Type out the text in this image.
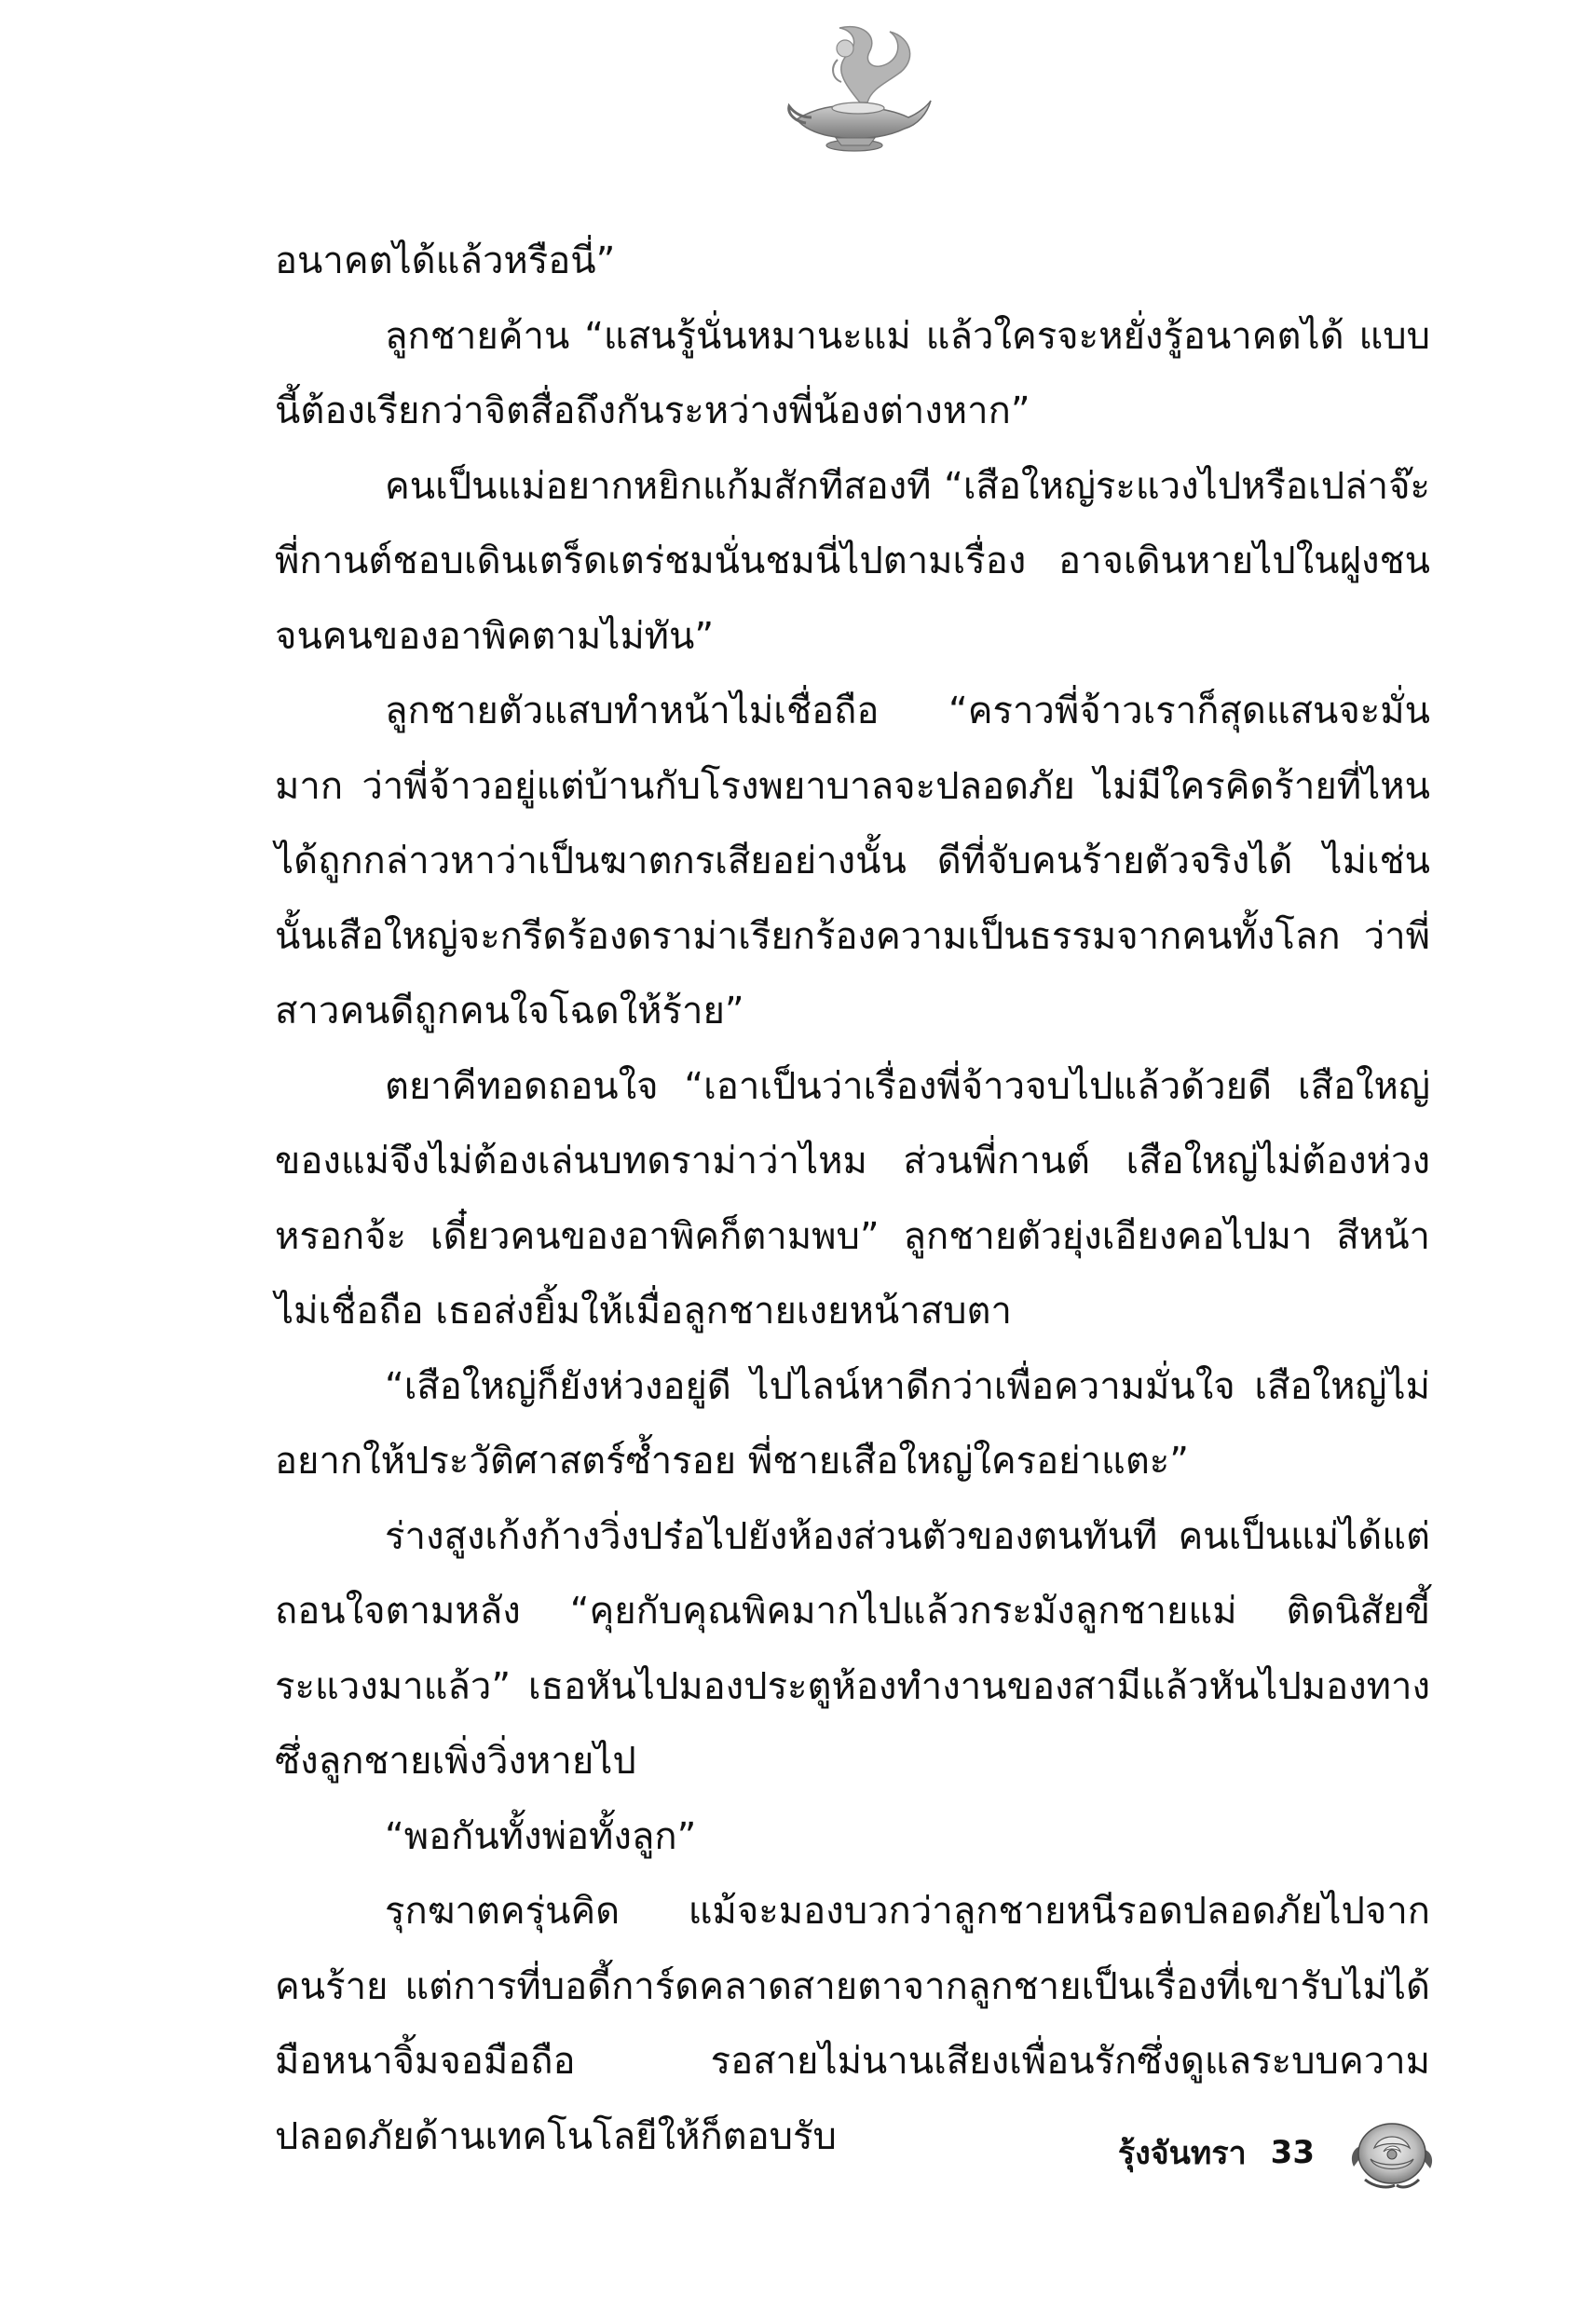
อนาคตได้แล้วหรือนี่”

ลูกชายค้าน “แสนรู้นั่นหมานะแม่ แล้วใครจะหยั่งรู้อนาคตได้ แบบนี้ต้องเรียกว่าจิตสื่อถึงกันระหว่างพี่น้องต่างหาก”

คนเป็นแม่อยากหยิกแก้มสักทีสองที “เสือใหญ่ระแวงไปหรือเปล่าจ๊ะ พี่กานต์ชอบเดินเตร็ดเตร่ชมนั่นชมนี่ไปตามเรื่อง อาจเดินหายไปในฝูงชนจนคนของอาพิคตามไม่ทัน”

ลูกชายตัวแสบทำหน้าไม่เชื่อถือ “คราวพี่จ้าวเราก็สุดแสนจะมั่นมาก ว่าพี่จ้าวอยู่แต่บ้านกับโรงพยาบาลจะปลอดภัย ไม่มีใครคิดร้ายที่ไหนได้ถูกกล่าวหาว่าเป็นฆาตกรเสียอย่างนั้น ดีที่จับคนร้ายตัวจริงได้ ไม่เช่นนั้นเสือใหญ่จะกรีดร้องดราม่าเรียกร้องความเป็นธรรมจากคนทั้งโลก ว่าพี่สาวคนดีถูกคนใจโฉดให้ร้าย”

ตยาคีทอดถอนใจ “เอาเป็นว่าเรื่องพี่จ้าวจบไปแล้วด้วยดี เสือใหญ่ของแม่จึงไม่ต้องเล่นบทดราม่าว่าไหม ส่วนพี่กานต์ เสือใหญ่ไม่ต้องห่วงหรอกจ้ะ เดี๋ยวคนของอาพิคก็ตามพบ” ลูกชายตัวยุ่งเอียงคอไปมา สีหน้าไม่เชื่อถือ เธอส่งยิ้มให้เมื่อลูกชายเงยหน้าสบตา

“เสือใหญ่ก็ยังห่วงอยู่ดี ไปไลน์หาดีกว่าเพื่อความมั่นใจ เสือใหญ่ไม่อยากให้ประวัติศาสตร์ซ้ำรอย พี่ชายเสือใหญ่ใครอย่าแตะ”

ร่างสูงเก้งก้างวิ่งปร๋อไปยังห้องส่วนตัวของตนทันที คนเป็นแม่ได้แต่ถอนใจตามหลัง “คุยกับคุณพิคมากไปแล้วกระมังลูกชายแม่ ติดนิสัยขี้ระแวงมาแล้ว” เธอหันไปมองประตูห้องทำงานของสามีแล้วหันไปมองทางซึ่งลูกชายเพิ่งวิ่งหายไป

“พอกันทั้งพ่อทั้งลูก”

รุกฆาตครุ่นคิด แม้จะมองบวกว่าลูกชายหนีรอดปลอดภัยไปจากคนร้าย แต่การที่บอดี้การ์ดคลาดสายตาจากลูกชายเป็นเรื่องที่เขารับไม่ได้ มือหนาจิ้มจอมือถือ รอสายไม่นานเสียงเพื่อนรักซึ่งดูแลระบบความปลอดภัยด้านเทคโนโลยีให้ก็ตอบรับ	รุ้งจันทรา 33
